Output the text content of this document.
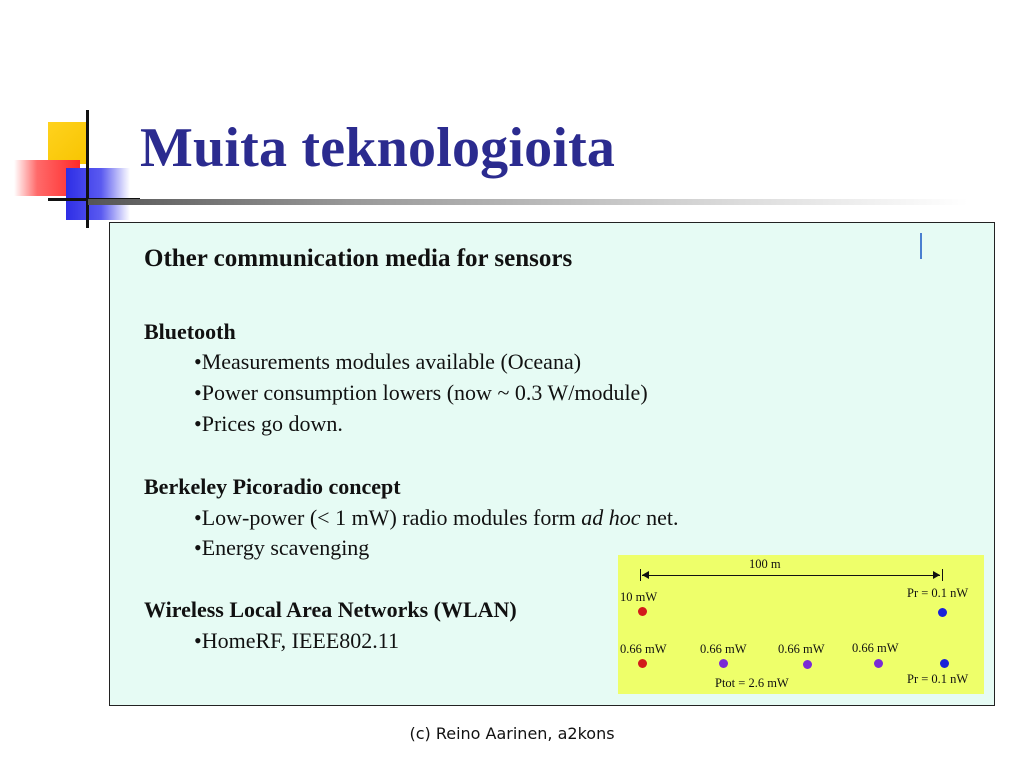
Muita teknologioita
Other communication media for sensors
Bluetooth
•Measurements modules available (Oceana)
•Power consumption lowers (now ~ 0.3 W/module)
•Prices go down.
Berkeley Picoradio concept
•Low-power (< 1 mW) radio modules form ad hoc net.
•Energy scavenging
Wireless Local Area Networks (WLAN)
•HomeRF, IEEE802.11
100 m
10 mW	Pr = 0.1 nW
0.66 mW	0.66 mW	0.66 mW 0.66 mW
Ptot = 2.6 mW	Pr = 0.1 nW

(c) Reino Aarinen, a2kons
